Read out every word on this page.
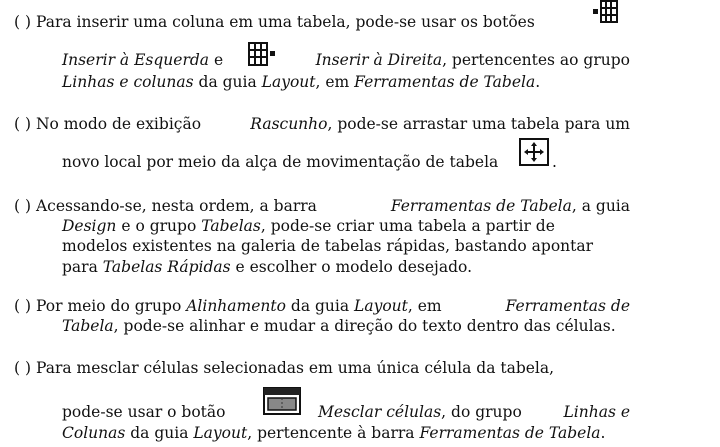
( ) Para inserir uma coluna em uma tabela, pode-se usar os botões
Inserir à Esquerda e	Inserir à Direita, pertencentes ao grupo
Linhas e colunas da guia Layout, em Ferramentas de Tabela.
( ) No modo de exibição	Rascunho, pode-se arrastar uma tabela para um
novo local por meio da alça de movimentação de tabela	.
( ) Acessando-se, nesta ordem, a barra	Ferramentas de Tabela, a guia
Design e o grupo Tabelas, pode-se criar uma tabela a partir de
modelos existentes na galeria de tabelas rápidas, bastando apontar
para Tabelas Rápidas e escolher o modelo desejado.
( ) Por meio do grupo Alinhamento da guia Layout, em	Ferramentas de
Tabela, pode-se alinhar e mudar a direção do texto dentro das células.
( ) Para mesclar células selecionadas em uma única célula da tabela,
pode-se usar o botão	Mesclar células, do grupo	Linhas e
Colunas da guia Layout, pertencente à barra Ferramentas de Tabela.
